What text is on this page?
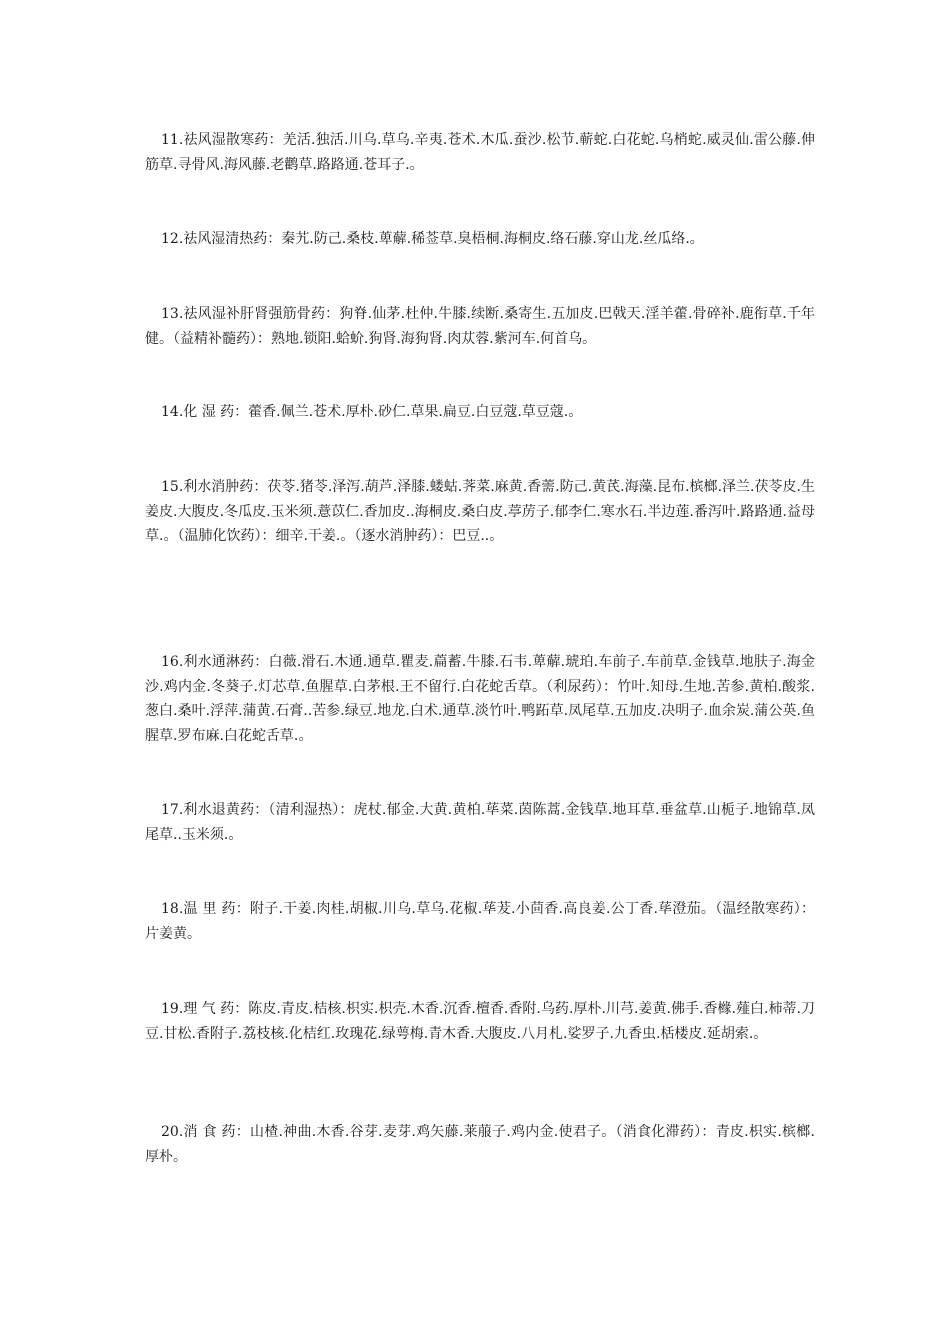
11.祛风湿散寒药：羌活.独活.川乌.草乌.辛夷.苍术.木瓜.蚕沙.松节.蕲蛇.白花蛇.乌梢蛇.威灵仙.雷公藤.伸筋草.寻骨风.海风藤.老鹳草.路路通.苍耳子.。

12.祛风湿清热药：秦艽.防己.桑枝.萆薢.稀莶草.臭梧桐.海桐皮.络石藤.穿山龙.丝瓜络.。

13.祛风湿补肝肾强筋骨药：狗脊.仙茅.杜仲.牛膝.续断.桑寄生.五加皮.巴戟天.淫羊藿.骨碎补.鹿衔草.千年健。（益精补髓药）：熟地.锁阳.蛤蚧.狗肾.海狗肾.肉苁蓉.紫河车.何首乌。

14.化 湿 药：藿香.佩兰.苍术.厚朴.砂仁.草果.扁豆.白豆蔻.草豆蔻.。

15.利水消肿药：茯苓.猪苓.泽泻.葫芦.泽膝.蝼蛄.荠菜.麻黄.香薷.防己.黄芪.海藻.昆布.槟榔.泽兰.茯苓皮.生姜皮.大腹皮.冬瓜皮.玉米须.薏苡仁.香加皮..海桐皮.桑白皮.葶苈子.郁李仁.寒水石.半边莲.番泻叶.路路通.益母草.。（温肺化饮药）：细辛.干姜.。（逐水消肿药）：巴豆..。

16.利水通淋药：白薇.滑石.木通.通草.瞿麦.萹蓄.牛膝.石韦.萆薢.琥珀.车前子.车前草.金钱草.地肤子.海金沙.鸡内金.冬葵子.灯芯草.鱼腥草.白茅根.王不留行.白花蛇舌草。（利尿药）：竹叶.知母.生地.苦参.黄柏.酸浆.葱白.桑叶.浮萍.蒲黄.石膏..苦参.绿豆.地龙.白术.通草.淡竹叶.鸭跖草.凤尾草.五加皮.决明子.血余炭.蒲公英.鱼腥草.罗布麻.白花蛇舌草.。

17.利水退黄药：（清利湿热）：虎杖.郁金.大黄.黄柏.荜菜.茵陈蒿.金钱草.地耳草.垂盆草.山栀子.地锦草.凤尾草..玉米须.。

18.温 里 药：附子.干姜.肉桂.胡椒.川乌.草乌.花椒.荜茇.小茴香.高良姜.公丁香.荜澄茄。（温经散寒药）：片姜黄。

19.理 气 药：陈皮.青皮.桔核.枳实.枳壳.木香.沉香.檀香.香附.乌药.厚朴.川芎.姜黄.佛手.香橼.薤白.柿蒂.刀豆.甘松.香附子.荔枝核.化桔红.玫瑰花.绿萼梅.青木香.大腹皮.八月札.娑罗子.九香虫.栝楼皮.延胡索.。

20.消 食 药：山楂.神曲.木香.谷芽.麦芽.鸡矢藤.莱菔子.鸡内金.使君子。（消食化滞药）：青皮.枳实.槟榔.厚朴。
